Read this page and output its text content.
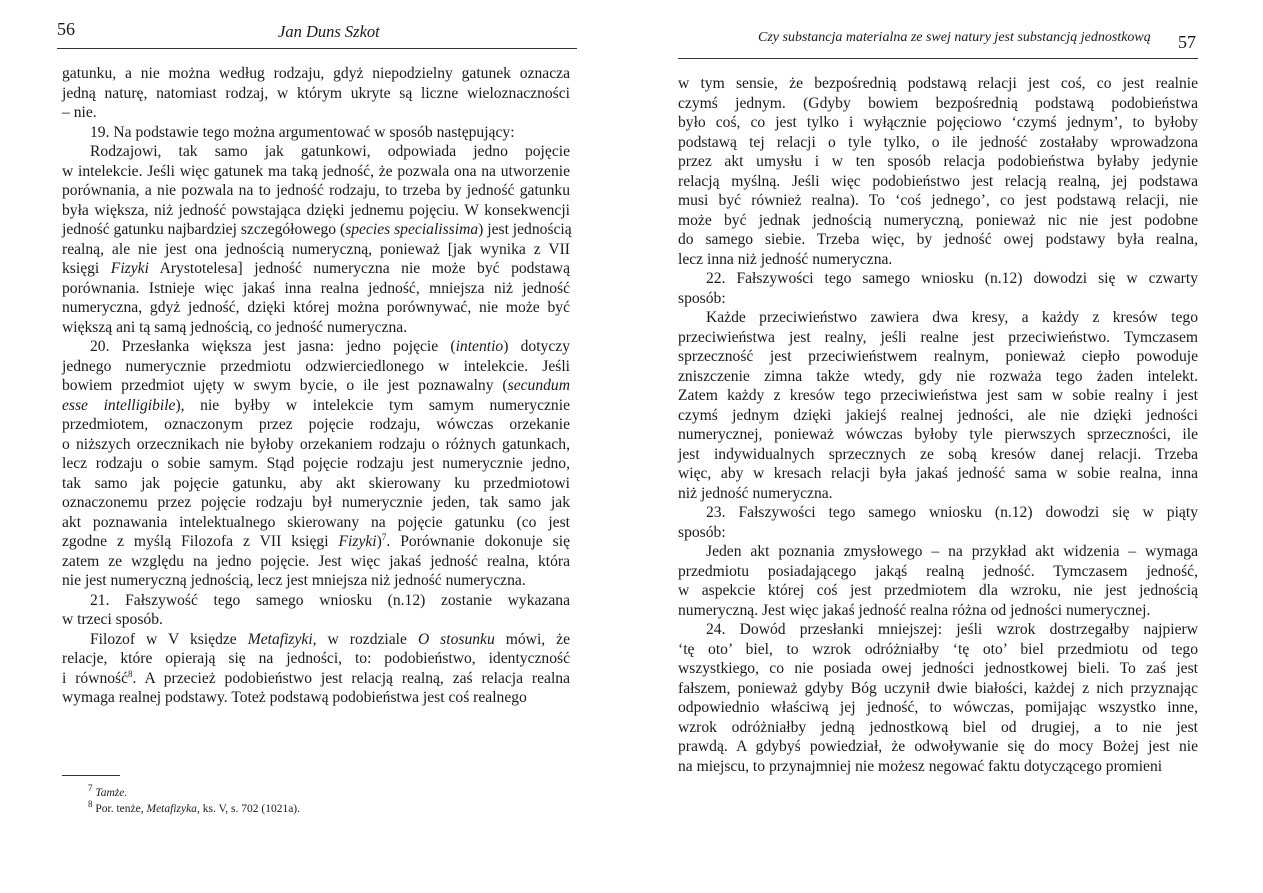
56	Jan Duns Szkot
gatunku, a nie można według rodzaju, gdyż niepodzielny gatunek oznacza
jedną naturę, natomiast rodzaj, w którym ukryte są liczne wieloznaczności
– nie.
19. Na podstawie tego można argumentować w sposób następujący:
Rodzajowi, tak samo jak gatunkowi, odpowiada jedno pojęcie
w intelekcie. Jeśli więc gatunek ma taką jedność, że pozwala ona na utworzenie
porównania, a nie pozwala na to jedność rodzaju, to trzeba by jedność gatunku
była większa, niż jedność powstająca dzięki jednemu pojęciu. W konsekwencji
jedność gatunku najbardziej szczegółowego (species specialissima) jest jednością
realną, ale nie jest ona jednością numeryczną, ponieważ [jak wynika z VII
księgi Fizyki Arystotelesa] jedność numeryczna nie może być podstawą
porównania. Istnieje więc jakaś inna realna jedność, mniejsza niż jedność
numeryczna, gdyż jedność, dzięki której można porównywać, nie może być
większą ani tą samą jednością, co jedność numeryczna.
20. Przesłanka większa jest jasna: jedno pojęcie (intentio) dotyczy
jednego numerycznie przedmiotu odzwierciedlonego w intelekcie. Jeśli
bowiem przedmiot ujęty w swym bycie, o ile jest poznawalny (secundum
esse intelligibile), nie byłby w intelekcie tym samym numerycznie
przedmiotem, oznaczonym przez pojęcie rodzaju, wówczas orzekanie
o niższych orzecznikach nie byłoby orzekaniem rodzaju o różnych gatunkach,
lecz rodzaju o sobie samym. Stąd pojęcie rodzaju jest numerycznie jedno,
tak samo jak pojęcie gatunku, aby akt skierowany ku przedmiotowi
oznaczonemu przez pojęcie rodzaju był numerycznie jeden, tak samo jak
akt poznawania intelektualnego skierowany na pojęcie gatunku (co jest
zgodne z myślą Filozofa z VII księgi Fizyki)$^7$. Porównanie dokonuje się
zatem ze względu na jedno pojęcie. Jest więc jakaś jedność realna, która
nie jest numeryczną jednością, lecz jest mniejsza niż jedność numeryczna.
21. Fałszywość tego samego wniosku (n.12) zostanie wykazana
w trzeci sposób.
Filozof w V księdze Metafizyki, w rozdziale O stosunku mówi, że
relacje, które opierają się na jedności, to: podobieństwo, identyczność
i równość$^8$. A przecież podobieństwo jest relacją realną, zaś relacja realna
wymaga realnej podstawy. Toteż podstawą podobieństwa jest coś realnego
$^7$ Tamże.
$^8$ Por. tenże, Metafizyka, ks. V, s. 702 (1021a).
Czy substancja materialna ze swej natury jest substancją jednostkową 57
w tym sensie, że bezpośrednią podstawą relacji jest coś, co jest realnie
czymś jednym. (Gdyby bowiem bezpośrednią podstawą podobieństwa
było coś, co jest tylko i wyłącznie pojęciowo ‘czymś jednym’, to byłoby
podstawą tej relacji o tyle tylko, o ile jedność zostałaby wprowadzona
przez akt umysłu i w ten sposób relacja podobieństwa byłaby jedynie
relacją myślną. Jeśli więc podobieństwo jest relacją realną, jej podstawa
musi być również realna). To ‘coś jednego’, co jest podstawą relacji, nie
może być jednak jednością numeryczną, ponieważ nic nie jest podobne
do samego siebie. Trzeba więc, by jedność owej podstawy była realna,
lecz inna niż jedność numeryczna.
22. Fałszywości tego samego wniosku (n.12) dowodzi się w czwarty
sposób:
Każde przeciwieństwo zawiera dwa kresy, a każdy z kresów tego
przeciwieństwa jest realny, jeśli realne jest przeciwieństwo. Tymczasem
sprzeczność jest przeciwieństwem realnym, ponieważ ciepło powoduje
zniszczenie zimna także wtedy, gdy nie rozważa tego żaden intelekt.
Zatem każdy z kresów tego przeciwieństwa jest sam w sobie realny i jest
czymś jednym dzięki jakiejś realnej jedności, ale nie dzięki jedności
numerycznej, ponieważ wówczas byłoby tyle pierwszych sprzeczności, ile
jest indywidualnych sprzecznych ze sobą kresów danej relacji. Trzeba
więc, aby w kresach relacji była jakaś jedność sama w sobie realna, inna
niż jedność numeryczna.
23. Fałszywości tego samego wniosku (n.12) dowodzi się w piąty
sposób:
Jeden akt poznania zmysłowego – na przykład akt widzenia – wymaga
przedmiotu posiadającego jakąś realną jedność. Tymczasem jedność,
w aspekcie której coś jest przedmiotem dla wzroku, nie jest jednością
numeryczną. Jest więc jakaś jedność realna różna od jedności numerycznej.
24. Dowód przesłanki mniejszej: jeśli wzrok dostrzegałby najpierw
‘tę oto’ biel, to wzrok odróżniałby ‘tę oto’ biel przedmiotu od tego
wszystkiego, co nie posiada owej jedności jednostkowej bieli. To zaś jest
fałszem, ponieważ gdyby Bóg uczynił dwie białości, każdej z nich przyznając
odpowiednio właściwą jej jedność, to wówczas, pomijając wszystko inne,
wzrok odróżniałby jedną jednostkową biel od drugiej, a to nie jest
prawdą. A gdybyś powiedział, że odwoływanie się do mocy Bożej jest nie
na miejscu, to przynajmniej nie możesz negować faktu dotyczącego promieni
